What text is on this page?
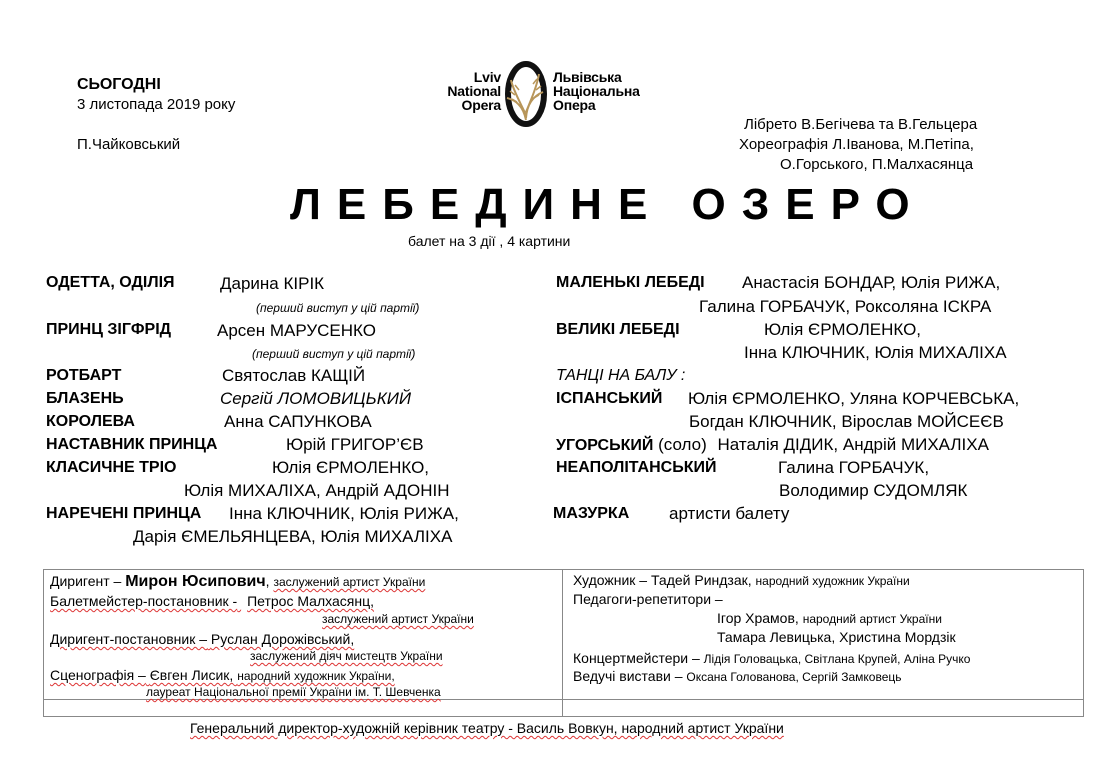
СЬОГОДНІ
3 листопада 2019 року
П.Чайковський
Lviv
National
Opera
Львівська
Національна
Опера
Лібрето В.Бегічева та В.Гельцера
Хореографія Л.Іванова, М.Петіпа,
О.Горського, П.Малхасянца
ЛЕБЕДИНЕ ОЗЕРО
балет на 3 дії , 4 картини
ОДЕТТА, ОДІЛІЯ	Дарина КІРІК
(перший виступ у цій партії)
ПРИНЦ ЗІГФРІД	Арсен МАРУСЕНКО
(перший виступ у цій партії)
РОТБАРТ	Святослав КАЩІЙ
БЛАЗЕНЬ	Сергій ЛОМОВИЦЬКИЙ
КОРОЛЕВА	Анна САПУНКОВА
НАСТАВНИК ПРИНЦА	Юрій ГРИГОР’ЄВ
КЛАСИЧНЕ ТРІО	Юлія ЄРМОЛЕНКО,
Юлія МИХАЛІХА, Андрій АДОНІН
НАРЕЧЕНІ ПРИНЦА Інна КЛЮЧНИК, Юлія РИЖА,
Дарія ЄМЕЛЬЯНЦЕВА, Юлія МИХАЛІХА
МАЛЕНЬКІ ЛЕБЕДІ Анастасія БОНДАР, Юлія РИЖА,
Галина ГОРБАЧУК, Роксоляна ІСКРА
ВЕЛИКІ ЛЕБЕДІ	Юлія ЄРМОЛЕНКО,
Інна КЛЮЧНИК, Юлія МИХАЛІХА
ТАНЦІ НА БАЛУ :
ІСПАНСЬКИЙ Юлія ЄРМОЛЕНКО, Уляна КОРЧЕВСЬКА,
Богдан КЛЮЧНИК, Вірослав МОЙСЕЄВ
УГОРСЬКИЙ (соло) Наталія ДІДИК, Андрій МИХАЛІХА
НЕАПОЛІТАНСЬКИЙ	Галина ГОРБАЧУК,
Володимир СУДОМЛЯК
МАЗУРКА артисти балету

Диригент – Мирон Юсипович, заслужений артист України
Балетмейстер-постановник - Петрос Малхасянц,
заслужений артист України
Диригент-постановник – Руслан Дорожівський,
заслужений діяч мистецтв України
Сценографія – Євген Лисик, народний художник України,
лауреат Національної премії України ім. Т. Шевченка
Художник – Тадей Риндзак, народний художник України
Педагоги-репетитори –
Ігор Храмов, народний артист України
Тамара Левицька, Христина Мордзік
Концертмейстери – Лідія Головацька, Світлана Крупей, Аліна Ручко
Ведучі вистави – Оксана Голованова, Сергій Замковець
Генеральний директор-художній керівник театру - Василь Вовкун, народний артист України
